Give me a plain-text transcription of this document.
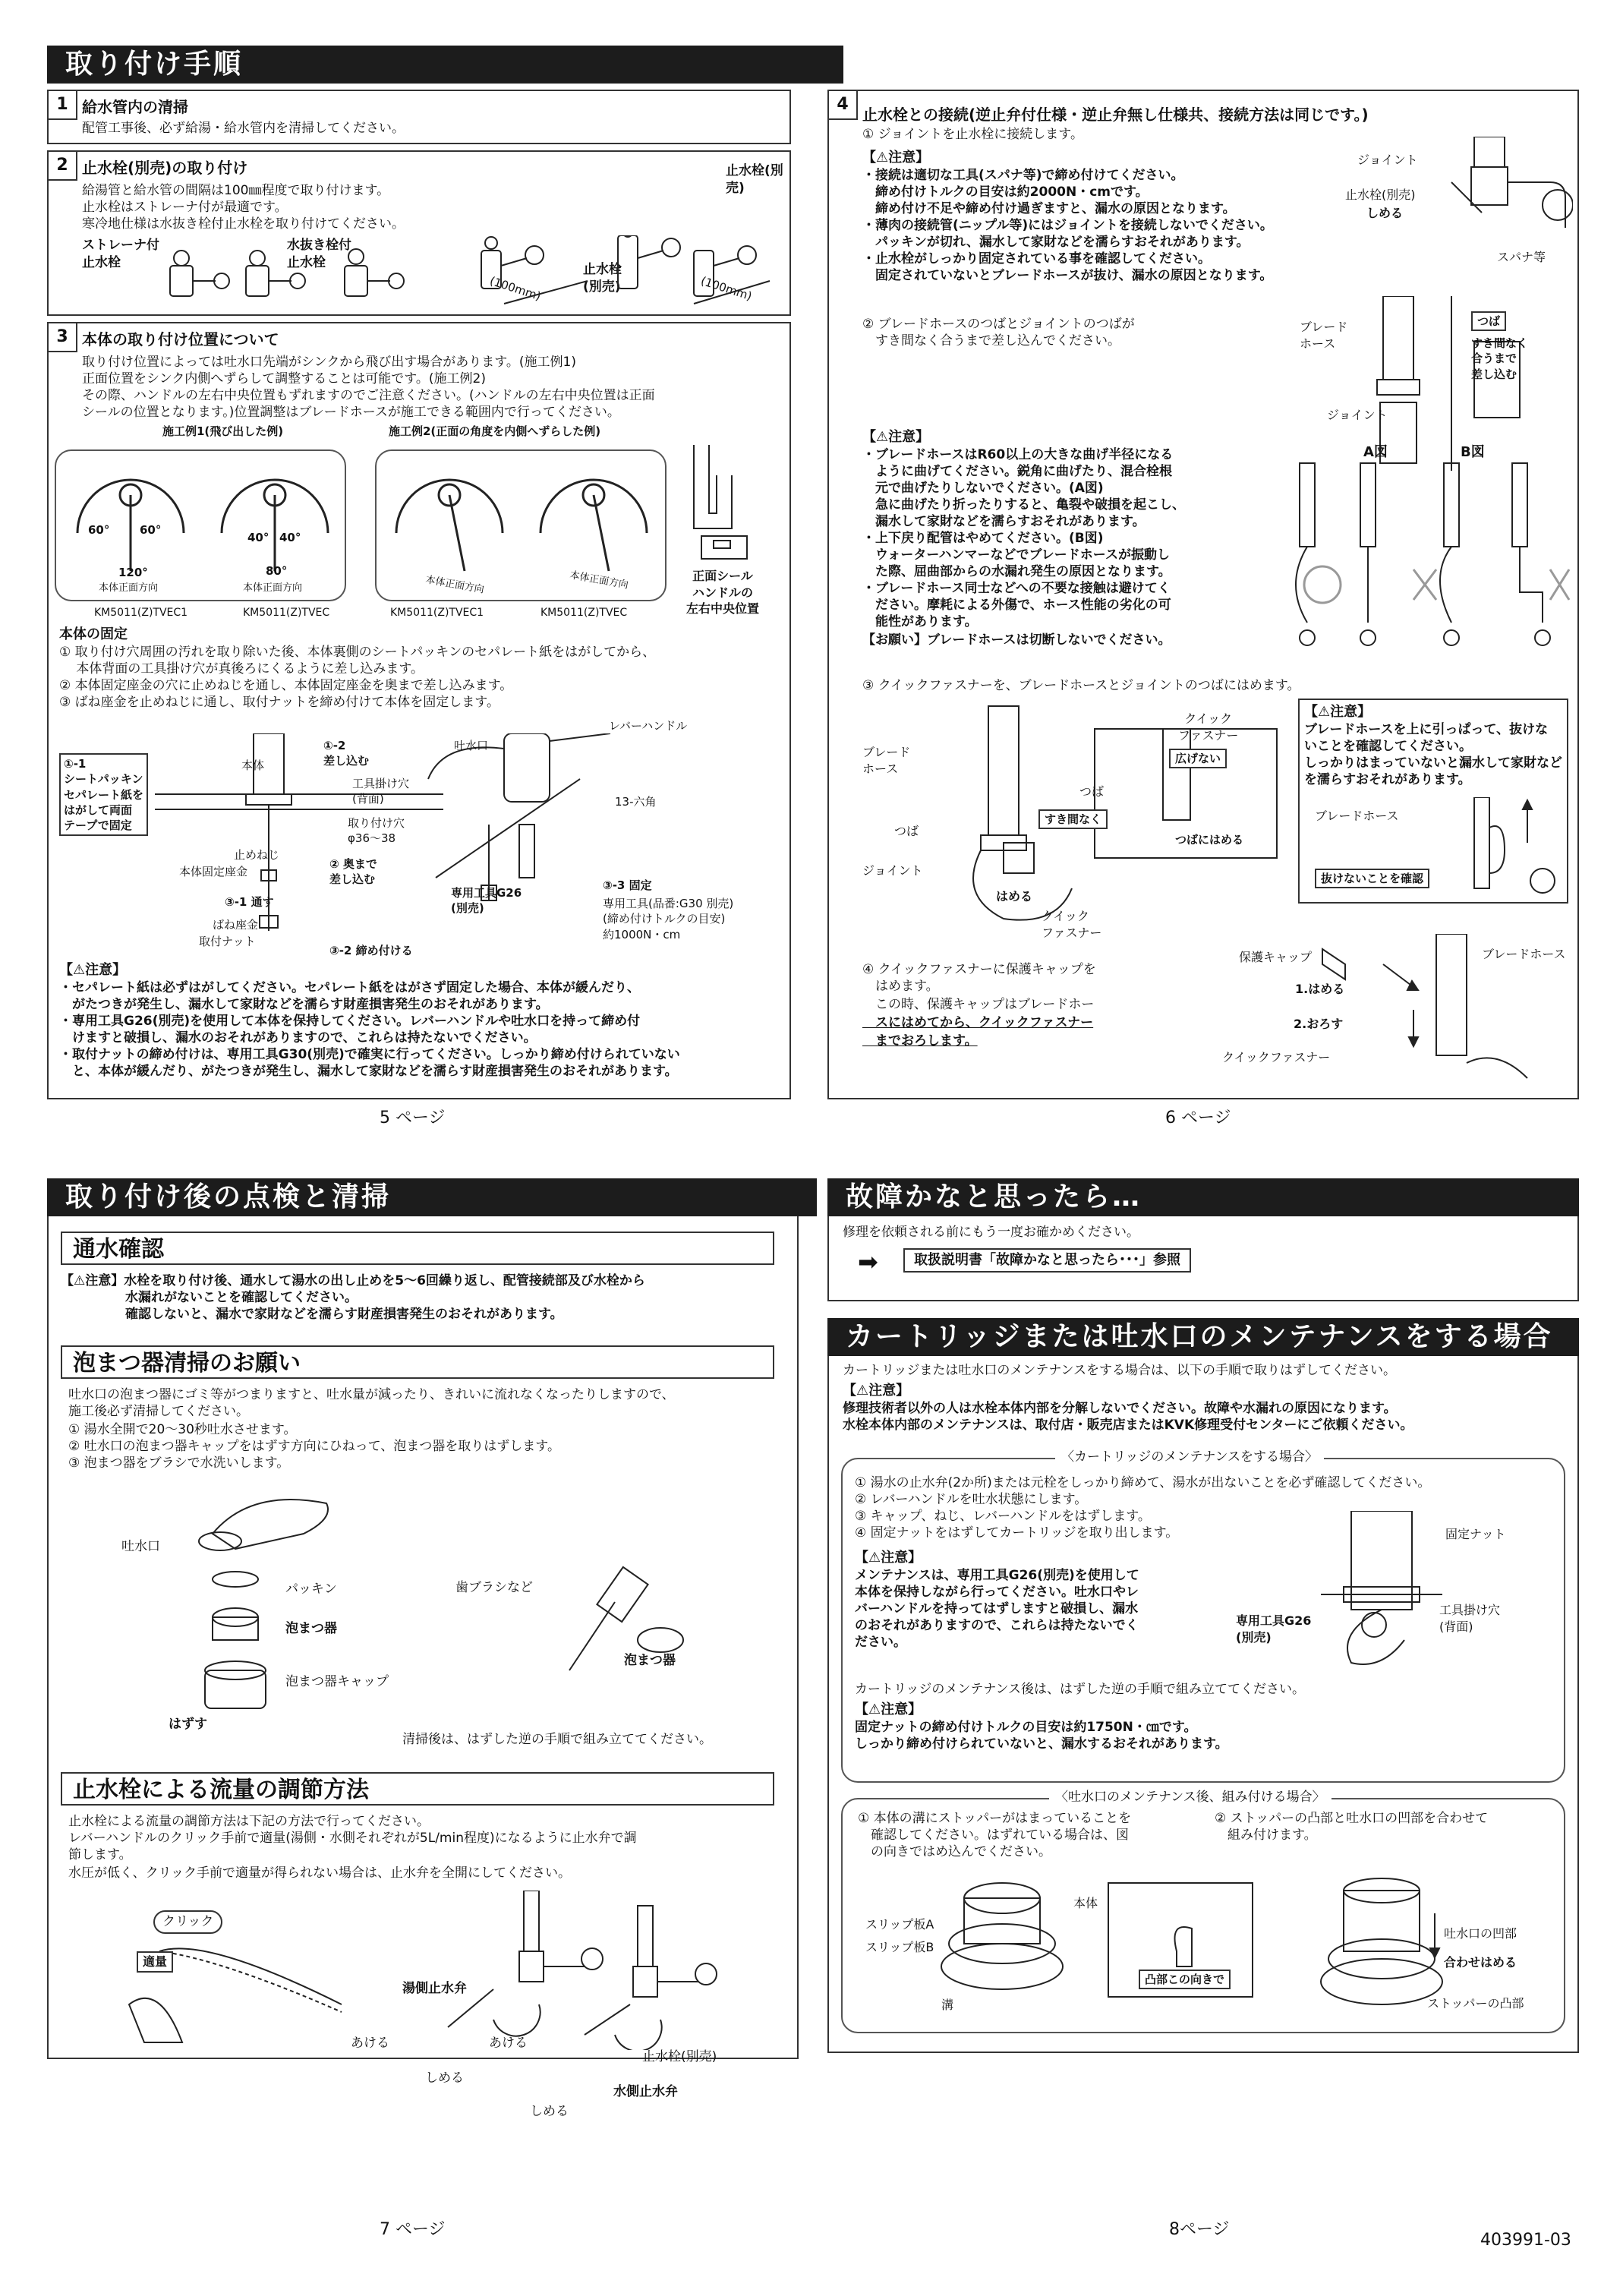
取り付け手順
1 給水管内の清掃
配管工事後、必ず給湯・給水管内を清掃してください。
2 止水栓(別売)の取り付け
給湯管と給水管の間隔は100㎜程度で取り付けます。
止水栓はストレーナ付が最適です。
寒冷地仕様は水抜き栓付止水栓を取り付けてください。
ストレーナ付
止水栓
水抜き栓付
止水栓
止水栓(別売)
止水栓
(別売)
(100mm)	(100mm)
3 本体の取り付け位置について
取り付け位置によっては吐水口先端がシンクから飛び出す場合があります。(施工例1)
正面位置をシンク内側へずらして調整することは可能です。(施工例2)
その際、ハンドルの左右中央位置もずれますのでご注意ください。(ハンドルの左右中央位置は正面
シールの位置となります。)位置調整はブレードホースが施工できる範囲内で行ってください。
施工例1(飛び出した例)	施工例2(正面の角度を内側へずらした例)
60°	60°
120°
40° 40°
80°
本体正面方向	本体正面方向	本体正面方向	本体正面方向
KM5011(Z)TVEC1	KM5011(Z)TVEC	KM5011(Z)TVEC1	KM5011(Z)TVEC
正面シール
ハンドルの
左右中央位置
本体の固定
① 取り付け穴周囲の汚れを取り除いた後、本体裏側のシートパッキンのセパレート紙をはがしてから、
　 本体背面の工具掛け穴が真後ろにくるように差し込みます。
② 本体固定座金の穴に止めねじを通し、本体固定座金を奥まで差し込みます。
③ ばね座金を止めねじに通し、取付ナットを締め付けて本体を固定します。
①-1
シートパッキン
セパレート紙を
はがして両面
テープで固定
本体
①-2
差し込む
工具掛け穴
(背面)
取り付け穴
φ36〜38
止めねじ
本体固定座金
② 奥まで
差し込む
③-1 通す
ばね座金
取付ナット
③-2 締め付ける
吐水口
レバーハンドル
13-六角
専用工具G26
(別売)
③-3 固定
専用工具(品番:G30 別売)
(締め付けトルクの目安)
約1000N・cm
【⚠注意】
・セパレート紙は必ずはがしてください。セパレート紙をはがさず固定した場合、本体が緩んだり、
　がたつきが発生し、漏水して家財などを濡らす財産損害発生のおそれがあります。
・専用工具G26(別売)を使用して本体を保持してください。レバーハンドルや吐水口を持って締め付
　けますと破損し、漏水のおそれがありますので、これらは持たないでください。
・取付ナットの締め付けは、専用工具G30(別売)で確実に行ってください。しっかり締め付けられていない
　と、本体が緩んだり、がたつきが発生し、漏水して家財などを濡らす財産損害発生のおそれがあります。
5 ページ
4
止水栓との接続(逆止弁付仕様・逆止弁無し仕様共、接続方法は同じです。)
① ジョイントを止水栓に接続します。
【⚠注意】
・接続は適切な工具(スパナ等)で締め付けてください。
　締め付けトルクの目安は約2000N・cmです。
　締め付け不足や締め付け過ぎますと、漏水の原因となります。
・薄肉の接続管(ニップル等)にはジョイントを接続しないでください。
　パッキンが切れ、漏水して家財などを濡らすおそれがあります。
・止水栓がしっかり固定されている事を確認してください。
　固定されていないとブレードホースが抜け、漏水の原因となります。
ジョイント
止水栓(別売)
しめる
スパナ等
② ブレードホースのつばとジョイントのつばが
　すき間なく合うまで差し込んでください。
ブレード
ホース
ジョイント
つば
すき間なく
合うまで
差し込む
【⚠注意】
・ブレードホースはR60以上の大きな曲げ半径になる
　ように曲げてください。鋭角に曲げたり、混合栓根
　元で曲げたりしないでください。(A図)
　急に曲げたり折ったりすると、亀裂や破損を起こし、
　漏水して家財などを濡らすおそれがあります。
・上下戻り配管はやめてください。(B図)
　ウォーターハンマーなどでブレードホースが振動し
　た際、屈曲部からの水漏れ発生の原因となります。
・ブレードホース同士などへの不要な接触は避けてく
　ださい。摩耗による外傷で、ホース性能の劣化の可
　能性があります。
【お願い】ブレードホースは切断しないでください。
A図	B図
③ クイックファスナーを、ブレードホースとジョイントのつばにはめます。
ブレード
ホース
つば
ジョイント
はめる
クイック
ファスナー
クイック
ファスナー
広げない
つば
すき間なく
つばにはめる
【⚠注意】
ブレードホースを上に引っぱって、抜けな
いことを確認してください。
しっかりはまっていないと漏水して家財など
を濡らすおそれがあります。
ブレードホース
抜けないことを確認
④ クイックファスナーに保護キャップを
　はめます。
　この時、保護キャップはブレードホー
　スにはめてから、クイックファスナー
　までおろします。
保護キャップ	ブレードホース
1.はめる
2.おろす
クイックファスナー
6 ページ
取り付け後の点検と清掃
通水確認
【⚠注意】水栓を取り付け後、通水して湯水の出し止めを5〜6回繰り返し、配管接続部及び水栓から
　　　　　水漏れがないことを確認してください。
　　　　　確認しないと、漏水で家財などを濡らす財産損害発生のおそれがあります。
泡まつ器清掃のお願い
吐水口の泡まつ器にゴミ等がつまりますと、吐水量が減ったり、きれいに流れなくなったりしますので、
施工後必ず清掃してください。
① 湯水全開で20〜30秒吐水させます。
② 吐水口の泡まつ器キャップをはずす方向にひねって、泡まつ器を取りはずします。
③ 泡まつ器をブラシで水洗いします。
吐水口
パッキン
泡まつ器
泡まつ器キャップ
はずす
歯ブラシなど
泡まつ器
清掃後は、はずした逆の手順で組み立ててください。
止水栓による流量の調節方法
止水栓による流量の調節方法は下記の方法で行ってください。
レバーハンドルのクリック手前で適量(湯側・水側それぞれが5L/min程度)になるように止水弁で調
節します。
水圧が低く、クリック手前で適量が得られない場合は、止水弁を全開にしてください。
クリック
適量
湯側止水弁
あける
しめる
あける
しめる
止水栓(別売)
水側止水弁
7 ページ
故障かなと思ったら…
修理を依頼される前にもう一度お確かめください。
➡	取扱説明書「故障かなと思ったら･･･」参照
カートリッジまたは吐水口のメンテナンスをする場合
カートリッジまたは吐水口のメンテナンスをする場合は、以下の手順で取りはずしてください。
【⚠注意】
修理技術者以外の人は水栓本体内部を分解しないでください。故障や水漏れの原因になります。
水栓本体内部のメンテナンスは、取付店・販売店またはKVK修理受付センターにご依頼ください。
〈カートリッジのメンテナンスをする場合〉
① 湯水の止水弁(2か所)または元栓をしっかり締めて、湯水が出ないことを必ず確認してください。
② レバーハンドルを吐水状態にします。
③ キャップ、ねじ、レバーハンドルをはずします。
④ 固定ナットをはずしてカートリッジを取り出します。
【⚠注意】
メンテナンスは、専用工具G26(別売)を使用して
本体を保持しながら行ってください。吐水口やレ
バーハンドルを持ってはずしますと破損し、漏水
のおそれがありますので、これらは持たないでく
ださい。
固定ナット
専用工具G26
(別売)
工具掛け穴
(背面)
カートリッジのメンテナンス後は、はずした逆の手順で組み立ててください。
【⚠注意】
固定ナットの締め付けトルクの目安は約1750N・㎝です。
しっかり締め付けられていないと、漏水するおそれがあります。
〈吐水口のメンテナンス後、組み付ける場合〉
① 本体の溝にストッパーがはまっていることを
　確認してください。はずれている場合は、図
　の向きではめ込んでください。
② ストッパーの凸部と吐水口の凹部を合わせて
　組み付けます。
本体
スリップ板A
スリップ板B
溝
凸部この向きで
吐水口の凹部
合わせはめる
ストッパーの凸部
8ページ
403991-03
